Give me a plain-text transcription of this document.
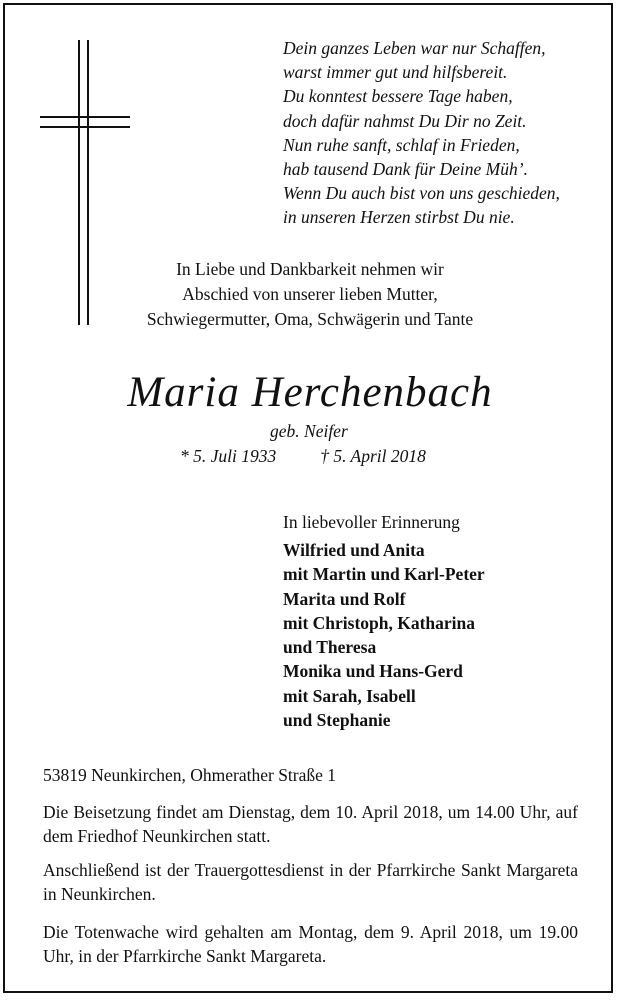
Dein ganzes Leben war nur Schaffen,
warst immer gut und hilfsbereit.
Du konntest bessere Tage haben,
doch dafür nahmst Du Dir no Zeit.
Nun ruhe sanft, schlaf in Frieden,
hab tausend Dank für Deine Müh’.
Wenn Du auch bist von uns geschieden,
in unseren Herzen stirbst Du nie.
In Liebe und Dankbarkeit nehmen wir
Abschied von unserer lieben Mutter,
Schwiegermutter, Oma, Schwägerin und Tante
Maria Herchenbach
geb. Neifer
* 5. Juli 1933	† 5. April 2018
In liebevoller Erinnerung
Wilfried und Anita
mit Martin und Karl-Peter
Marita und Rolf
mit Christoph, Katharina
und Theresa
Monika und Hans-Gerd
mit Sarah, Isabell
und Stephanie
53819 Neunkirchen, Ohmerather Straße 1
Die Beisetzung findet am Dienstag, dem 10. April 2018, um 14.00 Uhr, auf dem Friedhof Neunkirchen statt.
Anschließend ist der Trauergottesdienst in der Pfarrkirche Sankt Margareta in Neunkirchen.
Die Totenwache wird gehalten am Montag, dem 9. April 2018, um 19.00 Uhr, in der Pfarrkirche Sankt Margareta.
